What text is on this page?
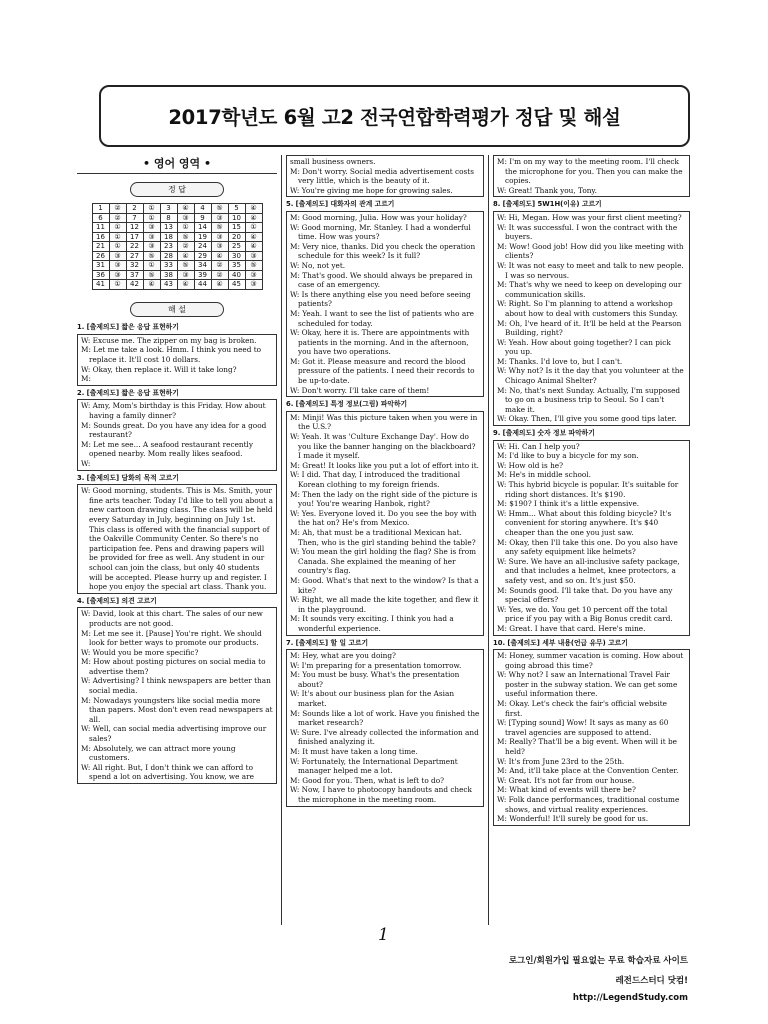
2017학년도 6월 고2 전국연합학력평가 정답 및 해설
• 영어 영역 •
정 답
1	②	2	①	3	④	4	⑤	5	④
6	②	7	①	8	③	9	③	10	④
11	①	12	③	13	①	14	⑤	15	①
16	①	17	③	18	⑤	19	③	20	④
21	①	22	③	23	②	24	③	25	④
26	③	27	⑤	28	④	29	④	30	③
31	③	32	①	33	⑤	34	②	35	⑤
36	③	37	⑤	38	③	39	②	40	③
41	①	42	④	43	④	44	④	45	③
해 설
1. [출제의도] 짧은 응답 표현하기

W: Excuse me. The zipper on my bag is broken.

M: Let me take a look. Hmm. I think you need to replace it. It'll cost 10 dollars.

W: Okay, then replace it. Will it take long?

M:

2. [출제의도] 짧은 응답 표현하기

W: Amy, Mom's birthday is this Friday. How about having a family dinner?

M: Sounds great. Do you have any idea for a good restaurant?

M: Let me see... A seafood restaurant recently opened nearby. Mom really likes seafood.

W:

3. [출제의도] 담화의 목적 고르기

W: Good morning, students. This is Ms. Smith, your fine arts teacher. Today I'd like to tell you about a new cartoon drawing class. The class will be held every Saturday in July, beginning on July 1st. This class is offered with the financial support of the Oakville Community Center. So there's no participation fee. Pens and drawing papers will be provided for free as well. Any student in our school can join the class, but only 40 students will be accepted. Please hurry up and register. I hope you enjoy the special art class. Thank you.

4. [출제의도] 의견 고르기

W: David, look at this chart. The sales of our new products are not good.

M: Let me see it. [Pause] You're right. We should look for better ways to promote our products.

W: Would you be more specific?

M: How about posting pictures on social media to advertise them?

W: Advertising? I think newspapers are better than social media.

M: Nowadays youngsters like social media more than papers. Most don't even read newspapers at all.

W: Well, can social media advertising improve our sales?

M: Absolutely, we can attract more young customers.

W: All right. But, I don't think we can afford to spend a lot on advertising. You know, we are

small business owners.

M: Don't worry. Social media advertisement costs very little, which is the beauty of it.

W: You're giving me hope for growing sales.

5. [출제의도] 대화자의 관계 고르기

M: Good morning, Julia. How was your holiday?

W: Good morning, Mr. Stanley. I had a wonderful time. How was yours?

M: Very nice, thanks. Did you check the operation schedule for this week? Is it full?

W: No, not yet.

M: That's good. We should always be prepared in case of an emergency.

W: Is there anything else you need before seeing patients?

M: Yeah. I want to see the list of patients who are scheduled for today.

W: Okay, here it is. There are appointments with patients in the morning. And in the afternoon, you have two operations.

M: Got it. Please measure and record the blood pressure of the patients. I need their records to be up-to-date.

W: Don't worry. I'll take care of them!

6. [출제의도] 특정 정보(그림) 파악하기

M: Minji! Was this picture taken when you were in the U.S.?

W: Yeah. It was 'Culture Exchange Day'. How do you like the banner hanging on the blackboard? I made it myself.

M: Great! It looks like you put a lot of effort into it.

W: I did. That day, I introduced the traditional Korean clothing to my foreign friends.

M: Then the lady on the right side of the picture is you! You're wearing Hanbok, right?

W: Yes. Everyone loved it. Do you see the boy with the hat on? He's from Mexico.

M: Ah, that must be a traditional Mexican hat. Then, who is the girl standing behind the table?

W: You mean the girl holding the flag? She is from Canada. She explained the meaning of her country's flag.

M: Good. What's that next to the window? Is that a kite?

W: Right, we all made the kite together, and flew it in the playground.

M: It sounds very exciting. I think you had a wonderful experience.

7. [출제의도] 할 일 고르기

M: Hey, what are you doing?

W: I'm preparing for a presentation tomorrow.

M: You must be busy. What's the presentation about?

W: It's about our business plan for the Asian market.

M: Sounds like a lot of work. Have you finished the market research?

W: Sure. I've already collected the information and finished analyzing it.

M: It must have taken a long time.

W: Fortunately, the International Department manager helped me a lot.

M: Good for you. Then, what is left to do?

W: Now, I have to photocopy handouts and check the microphone in the meeting room.

M: I'm on my way to the meeting room. I'll check the microphone for you. Then you can make the copies.

W: Great! Thank you, Tony.

8. [출제의도] 5W1H(이유) 고르기

W: Hi, Megan. How was your first client meeting?

W: It was successful. I won the contract with the buyers.

M: Wow! Good job! How did you like meeting with clients?

W: It was not easy to meet and talk to new people. I was so nervous.

M: That's why we need to keep on developing our communication skills.

W: Right. So I'm planning to attend a workshop about how to deal with customers this Sunday.

M: Oh, I've heard of it. It'll be held at the Pearson Building, right?

W: Yeah. How about going together? I can pick you up.

M: Thanks. I'd love to, but I can't.

W: Why not? Is it the day that you volunteer at the Chicago Animal Shelter?

M: No, that's next Sunday. Actually, I'm supposed to go on a business trip to Seoul. So I can't make it.

W: Okay. Then, I'll give you some good tips later.

9. [출제의도] 숫자 정보 파악하기

W: Hi. Can I help you?

M: I'd like to buy a bicycle for my son.

W: How old is he?

M: He's in middle school.

W: This hybrid bicycle is popular. It's suitable for riding short distances. It's $190.

M: $190? I think it's a little expensive.

W: Hmm... What about this folding bicycle? It's convenient for storing anywhere. It's $40 cheaper than the one you just saw.

M: Okay, then I'll take this one. Do you also have any safety equipment like helmets?

W: Sure. We have an all-inclusive safety package, and that includes a helmet, knee protectors, a safety vest, and so on. It's just $50.

M: Sounds good. I'll take that. Do you have any special offers?

W: Yes, we do. You get 10 percent off the total price if you pay with a Big Bonus credit card.

M: Great. I have that card. Here's mine.

10. [출제의도] 세부 내용(언급 유무) 고르기

M: Honey, summer vacation is coming. How about going abroad this time?

W: Why not? I saw an International Travel Fair poster in the subway station. We can get some useful information there.

M: Okay. Let's check the fair's official website first.

W: [Typing sound] Wow! It says as many as 60 travel agencies are supposed to attend.

M: Really? That'll be a big event. When will it be held?

W: It's from June 23rd to the 25th.

M: And, it'll take place at the Convention Center.

W: Great. It's not far from our house.

M: What kind of events will there be?

W: Folk dance performances, traditional costume shows, and virtual reality experiences.

M: Wonderful! It'll surely be good for us.

1
로그인/회원가입 필요없는 무료 학습자료 사이트
레전드스터디 닷컴!
http://LegendStudy.com
